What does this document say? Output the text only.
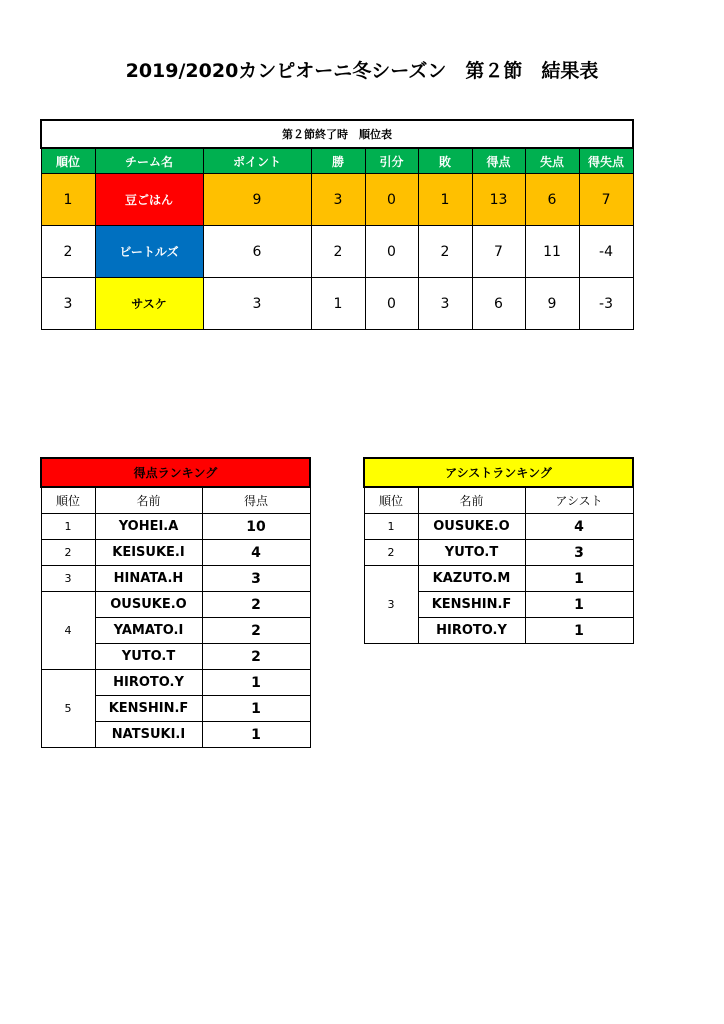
2019/2020カンピオーニ冬シーズン　第２節　結果表
第２節終了時　順位表								
順位	チーム名	ポイント	勝	引分	敗	得点	失点	得失点
1	豆ごはん	9	3	0	1	13	6	7
2	ビートルズ	6	2	0	2	7	11	-4
3	サスケ	3	1	0	3	6	9	-3
得点ランキング		
順位	名前	得点
1	YOHEI.A	10
2	KEISUKE.I	4
3	HINATA.H	3
4	OUSUKE.O	2
	YAMATO.I	2
	YUTO.T	2
5	HIROTO.Y	1
	KENSHIN.F	1
	NATSUKI.I	1
アシストランキング		
順位	名前	アシスト
1	OUSUKE.O	4
2	YUTO.T	3
3	KAZUTO.M	1
	KENSHIN.F	1
	HIROTO.Y	1
